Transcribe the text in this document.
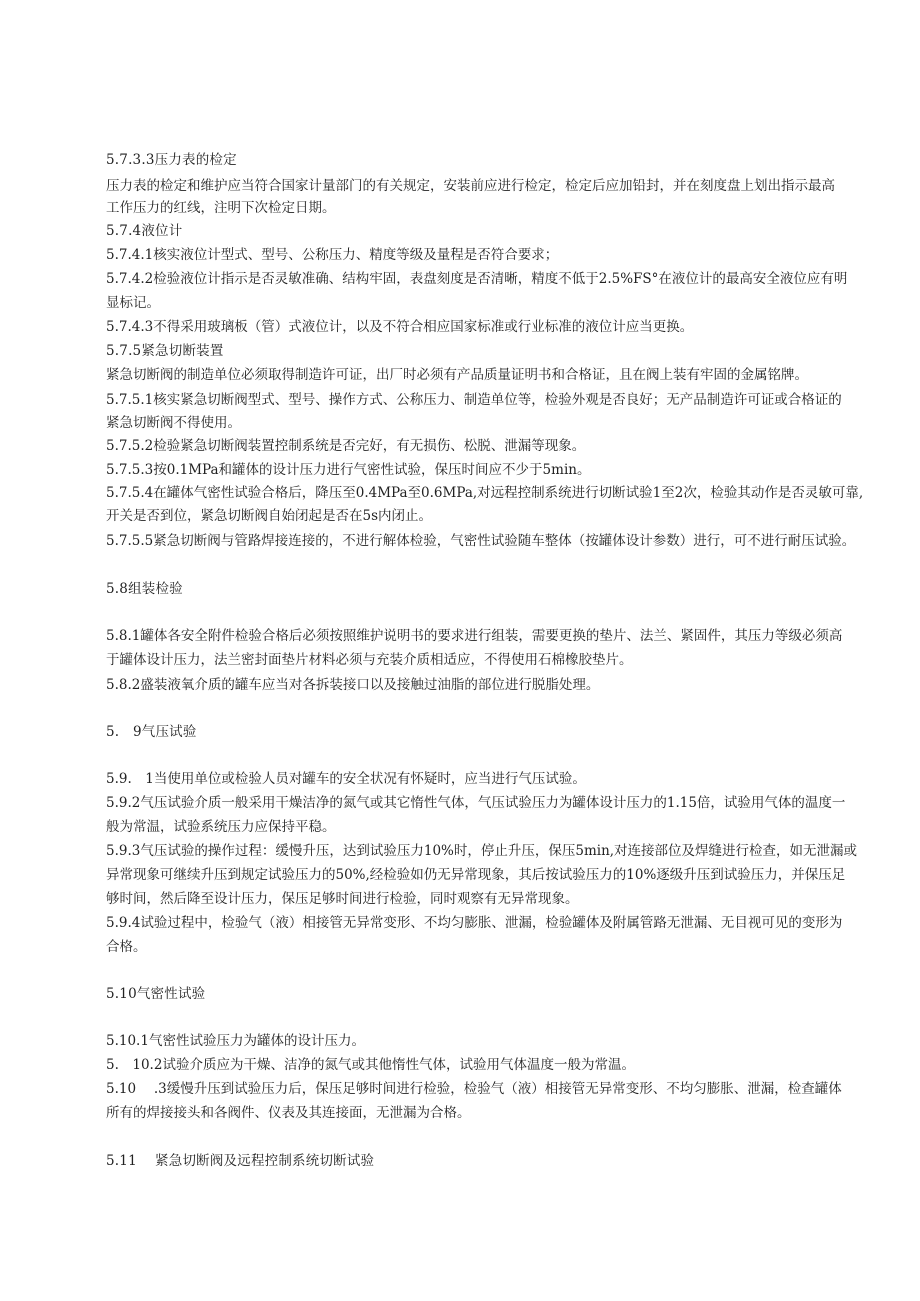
5.7.3.3压力表的检定
压力表的检定和维护应当符合国家计量部门的有关规定，安装前应进行检定，检定后应加铅封，并在刻度盘上划出指示最高
工作压力的红线，注明下次检定日期。
5.7.4液位计
5.7.4.1核实液位计型式、型号、公称压力、精度等级及量程是否符合要求；
5.7.4.2检验液位计指示是否灵敏准确、结构牢固，表盘刻度是否清晰，精度不低于2.5%FS°在液位计的最高安全液位应有明
显标记。
5.7.4.3不得采用玻璃板（管）式液位计，以及不符合相应国家标准或行业标准的液位计应当更换。
5.7.5紧急切断装置
紧急切断阀的制造单位必须取得制造许可证，出厂时必须有产品质量证明书和合格证，且在阀上装有牢固的金属铭牌。
5.7.5.1核实紧急切断阀型式、型号、操作方式、公称压力、制造单位等，检验外观是否良好；无产品制造许可证或合格证的
紧急切断阀不得使用。
5.7.5.2检验紧急切断阀装置控制系统是否完好，有无损伤、松脱、泄漏等现象。
5.7.5.3按0.1MPa和罐体的设计压力进行气密性试验，保压时间应不少于5min。
5.7.5.4在罐体气密性试验合格后，降压至0.4MPa至0.6MPa,对远程控制系统进行切断试验1至2次，检验其动作是否灵敏可靠,
开关是否到位，紧急切断阀自始闭起是否在5s内闭止。
5.7.5.5紧急切断阀与管路焊接连接的，不进行解体检验，气密性试验随车整体（按罐体设计参数）进行，可不进行耐压试验。
5.8组装检验
5.8.1罐体各安全附件检验合格后必须按照维护说明书的要求进行组装，需要更换的垫片、法兰、紧固件，其压力等级必须高
于罐体设计压力，法兰密封面垫片材料必须与充装介质相适应，不得使用石棉橡胶垫片。
5.8.2盛装液氧介质的罐车应当对各拆装接口以及接触过油脂的部位进行脱脂处理。
5.　9气压试验
5.9.　1当使用单位或检验人员对罐车的安全状况有怀疑时，应当进行气压试验。
5.9.2气压试验介质一般采用干燥洁净的氮气或其它惰性气体，气压试验压力为罐体设计压力的1.15倍，试验用气体的温度一
般为常温，试验系统压力应保持平稳。
5.9.3气压试验的操作过程：缓慢升压，达到试验压力10%时，停止升压，保压5min,对连接部位及焊缝进行检查，如无泄漏或
异常现象可继续升压到规定试验压力的50%,经检验如仍无异常现象，其后按试验压力的10%逐级升压到试验压力，并保压足
够时间，然后降至设计压力，保压足够时间进行检验，同时观察有无异常现象。
5.9.4试验过程中，检验气（液）相接管无异常变形、不均匀膨胀、泄漏，检验罐体及附属管路无泄漏、无目视可见的变形为
合格。
5.10气密性试验
5.10.1气密性试验压力为罐体的设计压力。
5.　10.2试验介质应为干燥、洁净的氮气或其他惰性气体，试验用气体温度一般为常温。
5.10　 .3缓慢升压到试验压力后，保压足够时间进行检验，检验气（液）相接管无异常变形、不均匀膨胀、泄漏，检查罐体
所有的焊接接头和各阀件、仪表及其连接面，无泄漏为合格。
5.11　 紧急切断阀及远程控制系统切断试验
